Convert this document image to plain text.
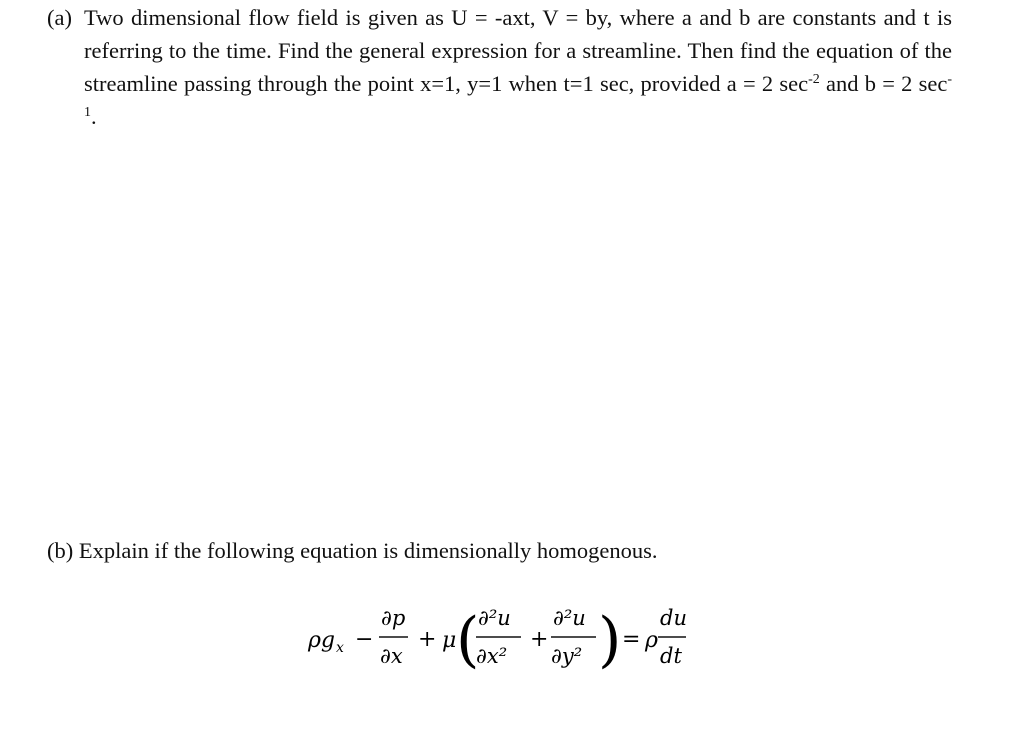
(a) Two dimensional flow field is given as U = -axt, V = by, where a and b are constants and t is referring to the time. Find the general expression for a streamline. Then find the equation of the streamline passing through the point x=1, y=1 when t=1 sec, provided a = 2 $\sec^{-2}$ and b = 2 $\sec^{-1}$.
(b) Explain if the following equation is dimensionally homogenous.
ρg x −
∂p
∂x
+ μ (
∂²u
∂x²
+
∂²u
∂y² ) = ρ
du
dt
